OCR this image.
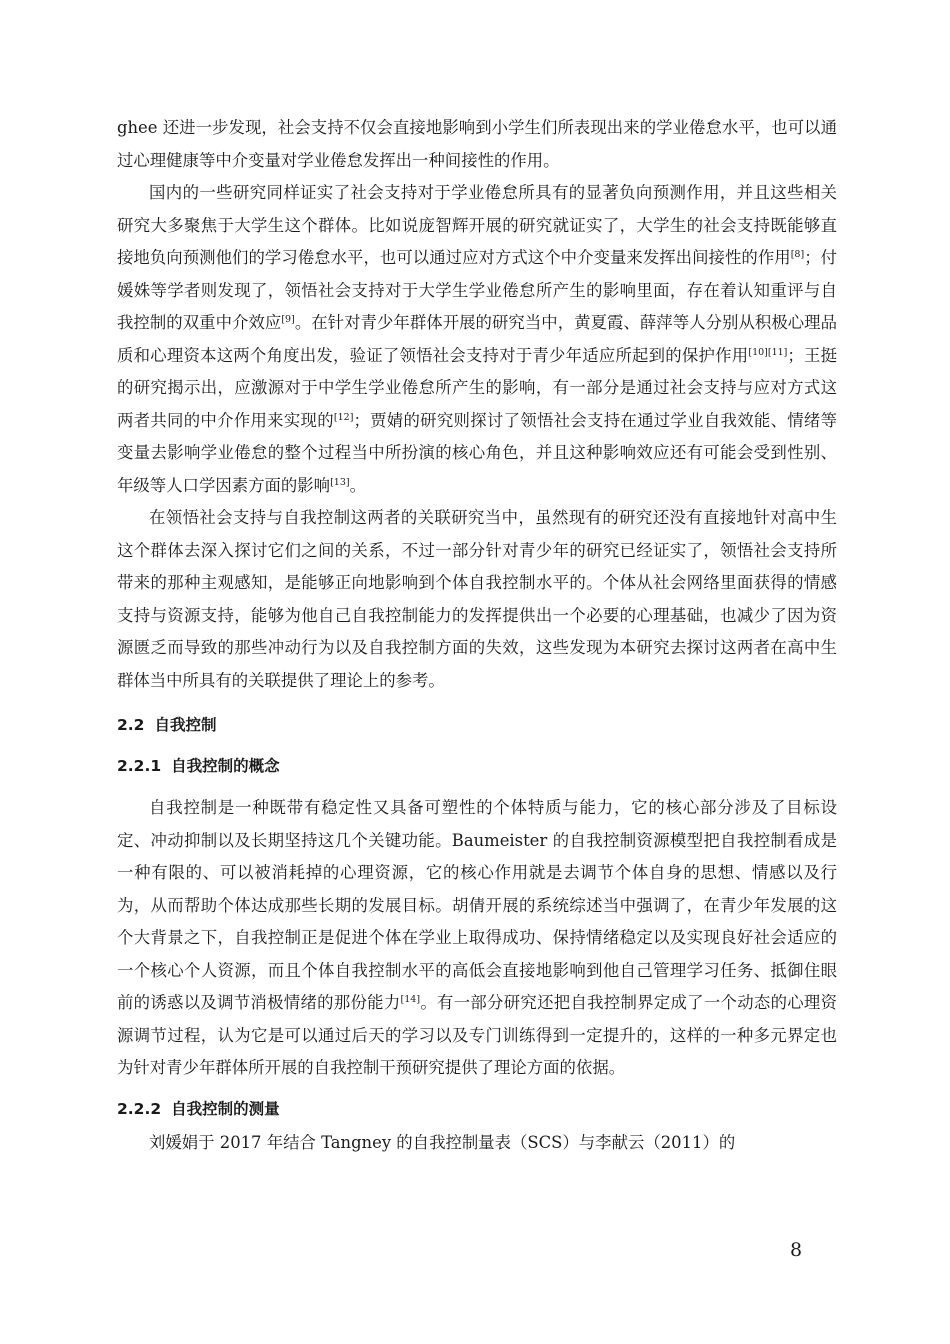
ghee 还进一步发现，社会支持不仅会直接地影响到小学生们所表现出来的学业倦怠水平，也可以通过心理健康等中介变量对学业倦怠发挥出一种间接性的作用。

国内的一些研究同样证实了社会支持对于学业倦怠所具有的显著负向预测作用，并且这些相关研究大多聚焦于大学生这个群体。比如说庞智辉开展的研究就证实了，大学生的社会支持既能够直接地负向预测他们的学习倦怠水平，也可以通过应对方式这个中介变量来发挥出间接性的作用[8]；付媛姝等学者则发现了，领悟社会支持对于大学生学业倦怠所产生的影响里面，存在着认知重评与自我控制的双重中介效应[9]。在针对青少年群体开展的研究当中，黄夏霞、薛萍等人分别从积极心理品质和心理资本这两个角度出发，验证了领悟社会支持对于青少年适应所起到的保护作用[10][11]；王挺的研究揭示出，应激源对于中学生学业倦怠所产生的影响，有一部分是通过社会支持与应对方式这两者共同的中介作用来实现的[12]；贾婧的研究则探讨了领悟社会支持在通过学业自我效能、情绪等变量去影响学业倦怠的整个过程当中所扮演的核心角色，并且这种影响效应还有可能会受到性别、年级等人口学因素方面的影响[13]。

在领悟社会支持与自我控制这两者的关联研究当中，虽然现有的研究还没有直接地针对高中生这个群体去深入探讨它们之间的关系，不过一部分针对青少年的研究已经证实了，领悟社会支持所带来的那种主观感知，是能够正向地影响到个体自我控制水平的。个体从社会网络里面获得的情感支持与资源支持，能够为他自己自我控制能力的发挥提供出一个必要的心理基础，也减少了因为资源匮乏而导致的那些冲动行为以及自我控制方面的失效，这些发现为本研究去探讨这两者在高中生群体当中所具有的关联提供了理论上的参考。

2.2 自我控制
2.2.1 自我控制的概念

自我控制是一种既带有稳定性又具备可塑性的个体特质与能力，它的核心部分涉及了目标设定、冲动抑制以及长期坚持这几个关键功能。Baumeister 的自我控制资源模型把自我控制看成是一种有限的、可以被消耗掉的心理资源，它的核心作用就是去调节个体自身的思想、情感以及行为，从而帮助个体达成那些长期的发展目标。胡倩开展的系统综述当中强调了，在青少年发展的这个大背景之下，自我控制正是促进个体在学业上取得成功、保持情绪稳定以及实现良好社会适应的一个核心个人资源，而且个体自我控制水平的高低会直接地影响到他自己管理学习任务、抵御住眼前的诱惑以及调节消极情绪的那份能力[14]。有一部分研究还把自我控制界定成了一个动态的心理资源调节过程，认为它是可以通过后天的学习以及专门训练得到一定提升的，这样的一种多元界定也为针对青少年群体所开展的自我控制干预研究提供了理论方面的依据。

2.2.2 自我控制的测量

刘媛娟于 2017 年结合 Tangney 的自我控制量表（SCS）与李献云（2011）的

8
